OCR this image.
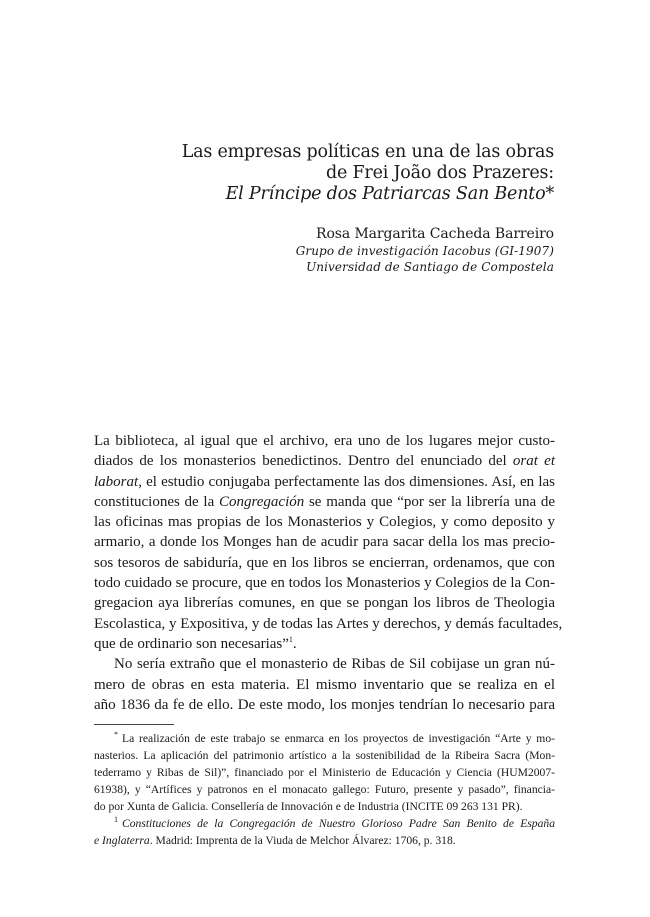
Las empresas políticas en una de las obras
de Frei João dos Prazeres:
El Príncipe dos Patriarcas San Bento*
Rosa Margarita Cacheda Barreiro
Grupo de investigación Iacobus (GI-1907)
Universidad de Santiago de Compostela
La biblioteca, al igual que el archivo, era uno de los lugares mejor custo-
diados de los monasterios benedictinos. Dentro del enunciado del orat et
laborat, el estudio conjugaba perfectamente las dos dimensiones. Así, en las
constituciones de la Congregación se manda que “por ser la librería una de
las oficinas mas propias de los Monasterios y Colegios, y como deposito y
armario, a donde los Monges han de acudir para sacar della los mas precio-
sos tesoros de sabiduría, que en los libros se encierran, ordenamos, que con
todo cuidado se procure, que en todos los Monasterios y Colegios de la Con-
gregacion aya librerías comunes, en que se pongan los libros de Theologia
Escolastica, y Expositiva, y de todas las Artes y derechos, y demás facultades,
que de ordinario son necesarias”$^1$.
No sería extraño que el monasterio de Ribas de Sil cobijase un gran nú-
mero de obras en esta materia. El mismo inventario que se realiza en el
año 1836 da fe de ello. De este modo, los monjes tendrían lo necesario para
* La realización de este trabajo se enmarca en los proyectos de investigación “Arte y mo-
nasterios. La aplicación del patrimonio artístico a la sostenibilidad de la Ribeira Sacra (Mon-
tederramo y Ribas de Sil)”, financiado por el Ministerio de Educación y Ciencia (HUM2007-
61938), y “Artífices y patronos en el monacato gallego: Futuro, presente y pasado”, financia-
do por Xunta de Galicia. Consellería de Innovación e de Industria (INCITE 09 263 131 PR).
$^1$ Constituciones de la Congregación de Nuestro Glorioso Padre San Benito de España
e Inglaterra. Madrid: Imprenta de la Viuda de Melchor Álvarez: 1706, p. 318.
